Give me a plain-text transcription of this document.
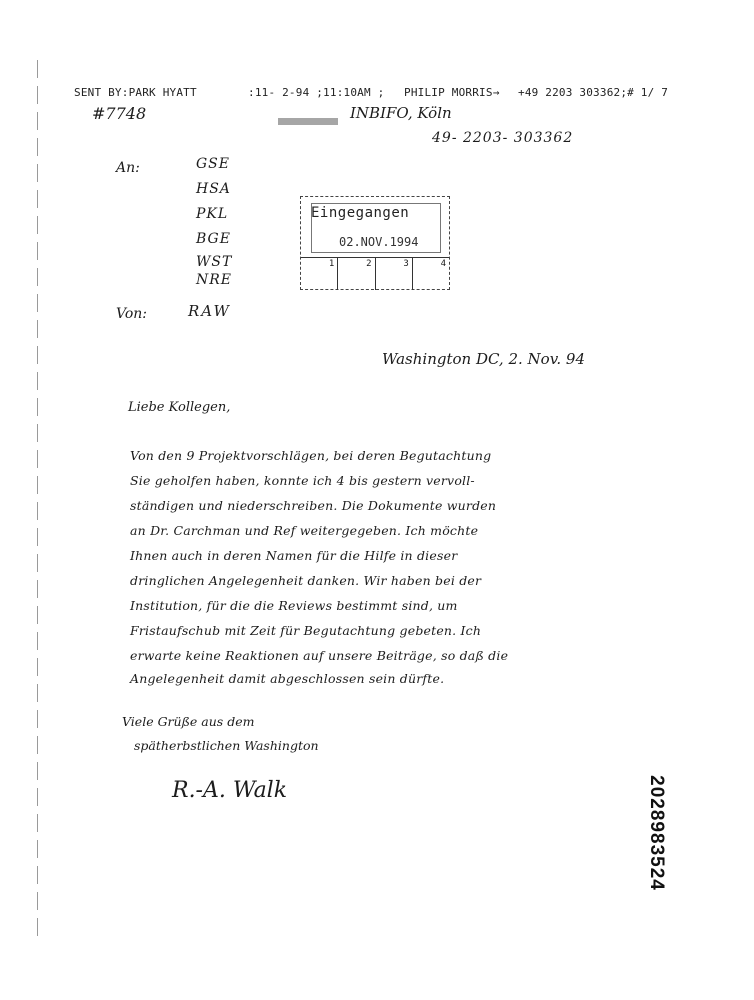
SENT BY:PARK HYATT	:11- 2-94 ;11:10AM ; PHILIP MORRIS→ +49 2203 303362;# 1/ 7
#7748	INBIFO, Köln
49- 2203- 303362
An:	GSE
HSA
PKL
BGE
WST
NRE
Eingegangen
02.NOV.1994
1	2	3	4
Von:	RAW
Washington DC, 2. Nov. 94
Liebe Kollegen,
Von den 9 Projektvorschlägen, bei deren Begutachtung
Sie geholfen haben, konnte ich 4 bis gestern vervoll-
ständigen und niederschreiben. Die Dokumente wurden
an Dr. Carchman und Ref weitergegeben. Ich möchte
Ihnen auch in deren Namen für die Hilfe in dieser
dringlichen Angelegenheit danken. Wir haben bei der
Institution, für die die Reviews bestimmt sind, um
Fristaufschub mit Zeit für Begutachtung gebeten. Ich
erwarte keine Reaktionen auf unsere Beiträge, so daß die
Angelegenheit damit abgeschlossen sein dürfte.
Viele Grüße aus dem
spätherbstlichen Washington
R.-A. Walk	2028983524
